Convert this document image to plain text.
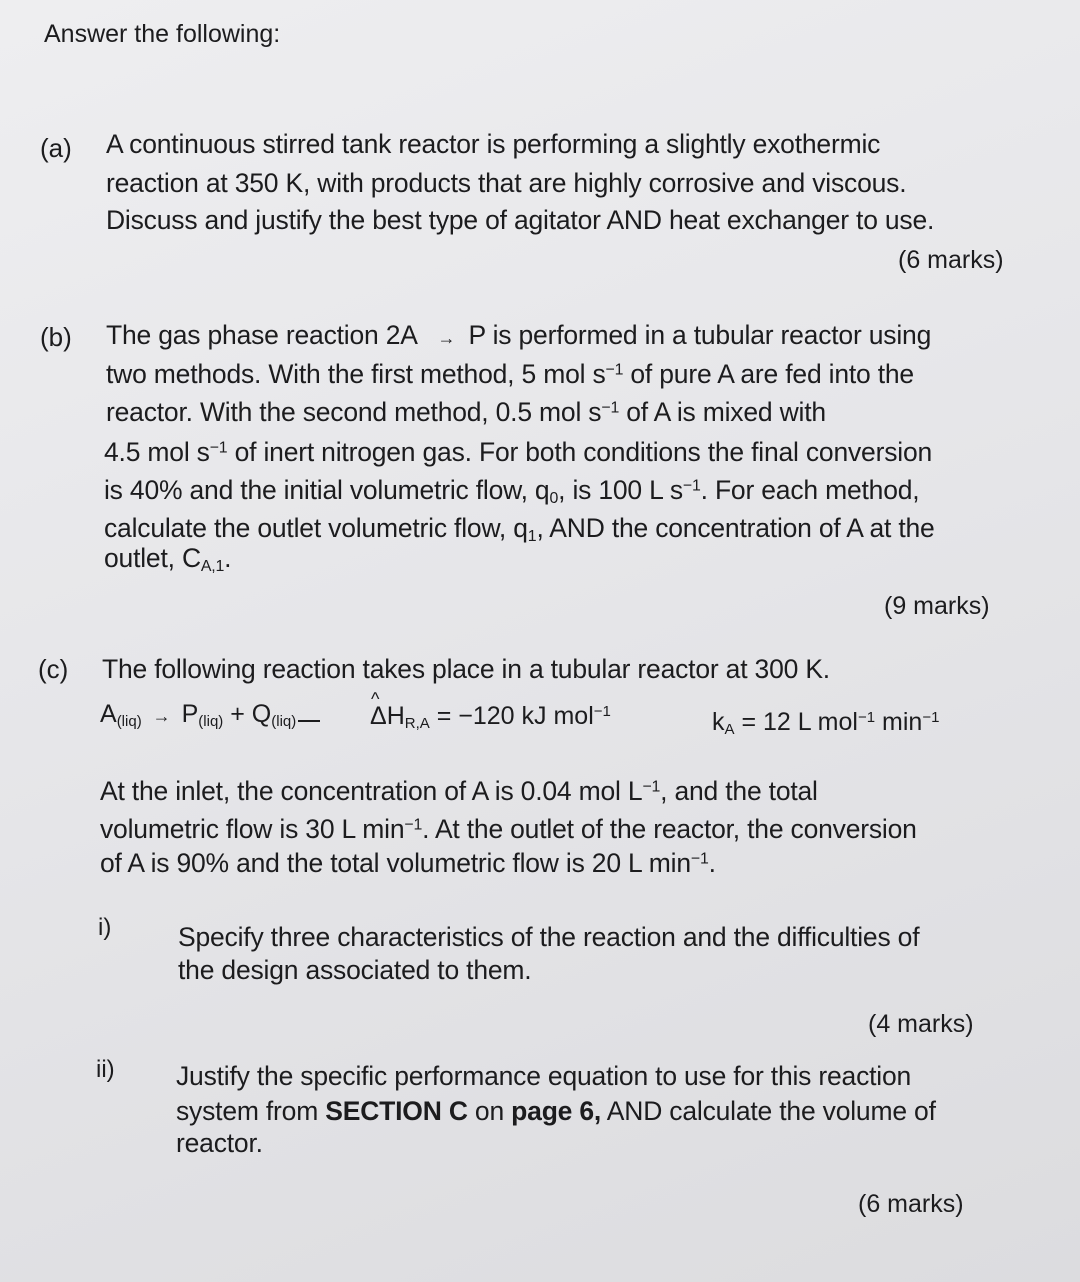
Answer the following:
(a) A continuous stirred tank reactor is performing a slightly exothermic
reaction at 350 K, with products that are highly corrosive and viscous.
Discuss and justify the best type of agitator AND heat exchanger to use.
(6 marks)
(b) The gas phase reaction 2A → P is performed in a tubular reactor using
two methods. With the first method, 5 mol $s^{-1}$ of pure A are fed into the
reactor. With the second method, 0.5 mol $s^{-1}$ of A is mixed with
4.5 mol $s^{-1}$ of inert nitrogen gas. For both conditions the final conversion
is 40% and the initial volumetric flow, $q_0$, is 100 L $s^{-1}$. For each method,
calculate the outlet volumetric flow, $q_1$, AND the concentration of A at the
outlet, $C_{A,1}$.
(9 marks)
(c) The following reaction takes place in a tubular reactor at 300 K.
$A_{(liq)} \to P_{(liq)} + Q_{(liq)}$	^ $\Delta H_{R,A} = -120$ kJ mol$^{-1}$	$k_A = 12$ L mol$^{-1}$ $\min^{-1}$
At the inlet, the concentration of A is 0.04 mol $L^{-1}$, and the total
volumetric flow is 30 L $\min^{-1}$. At the outlet of the reactor, the conversion
of A is 90% and the total volumetric flow is 20 L $\min^{-1}$.
i)	Specify three characteristics of the reaction and the difficulties of
the design associated to them.
(4 marks)
ii) Justify the specific performance equation to use for this reaction
system from SECTION C on page 6, AND calculate the volume of
reactor.
(6 marks)
